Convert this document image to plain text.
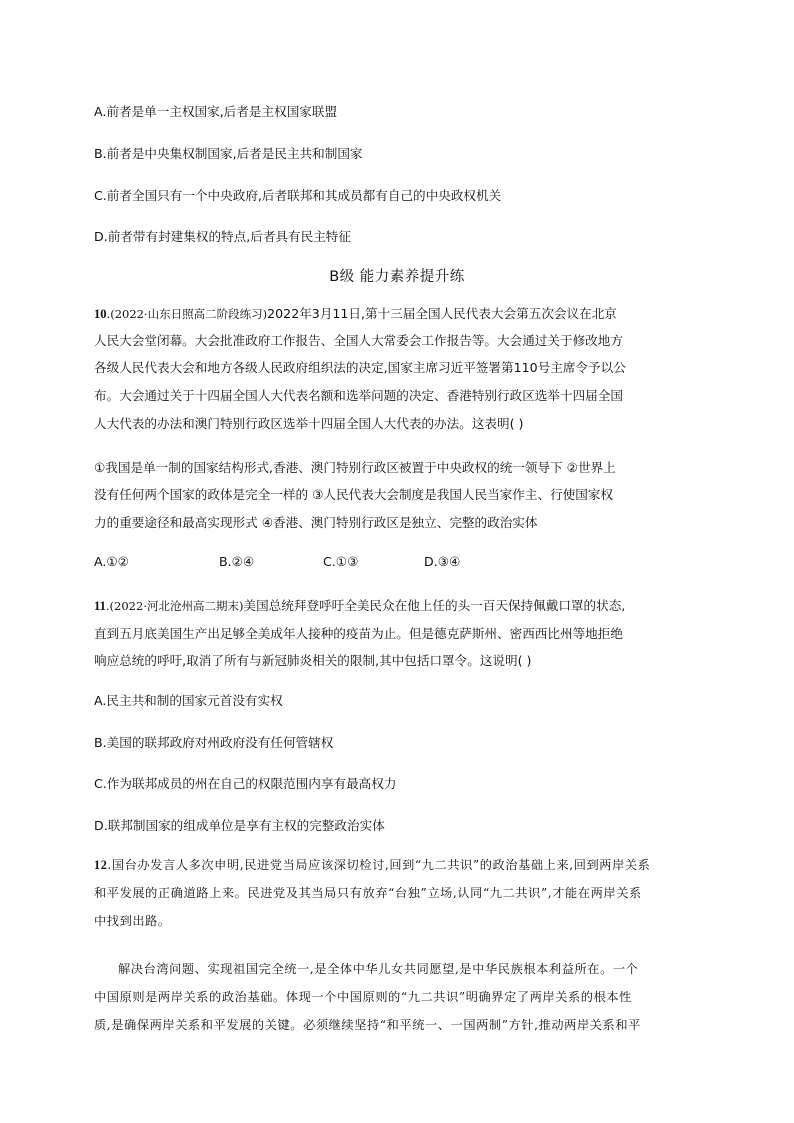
A.前者是单一主权国家,后者是主权国家联盟
B.前者是中央集权制国家,后者是民主共和制国家
C.前者全国只有一个中央政府,后者联邦和其成员都有自己的中央政权机关
D.前者带有封建集权的特点,后者具有民主特征
B级 能力素养提升练
10.(2022·山东日照高二阶段练习)2022年3月11日,第十三届全国人民代表大会第五次会议在北京
人民大会堂闭幕。大会批准政府工作报告、全国人大常委会工作报告等。大会通过关于修改地方
各级人民代表大会和地方各级人民政府组织法的决定,国家主席习近平签署第110号主席令予以公
布。大会通过关于十四届全国人大代表名额和选举问题的决定、香港特别行政区选举十四届全国
人大代表的办法和澳门特别行政区选举十四届全国人大代表的办法。这表明( )
①我国是单一制的国家结构形式,香港、澳门特别行政区被置于中央政权的统一领导下 ②世界上
没有任何两个国家的政体是完全一样的 ③人民代表大会制度是我国人民当家作主、行使国家权
力的重要途径和最高实现形式 ④香港、澳门特别行政区是独立、完整的政治实体
A.①②	B.②④	C.①③	D.③④
11.(2022·河北沧州高二期末)美国总统拜登呼吁全美民众在他上任的头一百天保持佩戴口罩的状态,
直到五月底美国生产出足够全美成年人接种的疫苗为止。但是德克萨斯州、密西西比州等地拒绝
响应总统的呼吁,取消了所有与新冠肺炎相关的限制,其中包括口罩令。这说明( )
A.民主共和制的国家元首没有实权
B.美国的联邦政府对州政府没有任何管辖权
C.作为联邦成员的州在自己的权限范围内享有最高权力
D.联邦制国家的组成单位是享有主权的完整政治实体
12.国台办发言人多次申明,民进党当局应该深切检讨,回到“九二共识”的政治基础上来,回到两岸关系
和平发展的正确道路上来。民进党及其当局只有放弃“台独”立场,认同“九二共识”,才能在两岸关系
中找到出路。
解决台湾问题、实现祖国完全统一,是全体中华儿女共同愿望,是中华民族根本利益所在。一个
中国原则是两岸关系的政治基础。体现一个中国原则的“九二共识”明确界定了两岸关系的根本性
质,是确保两岸关系和平发展的关键。必须继续坚持“和平统一、一国两制”方针,推动两岸关系和平
